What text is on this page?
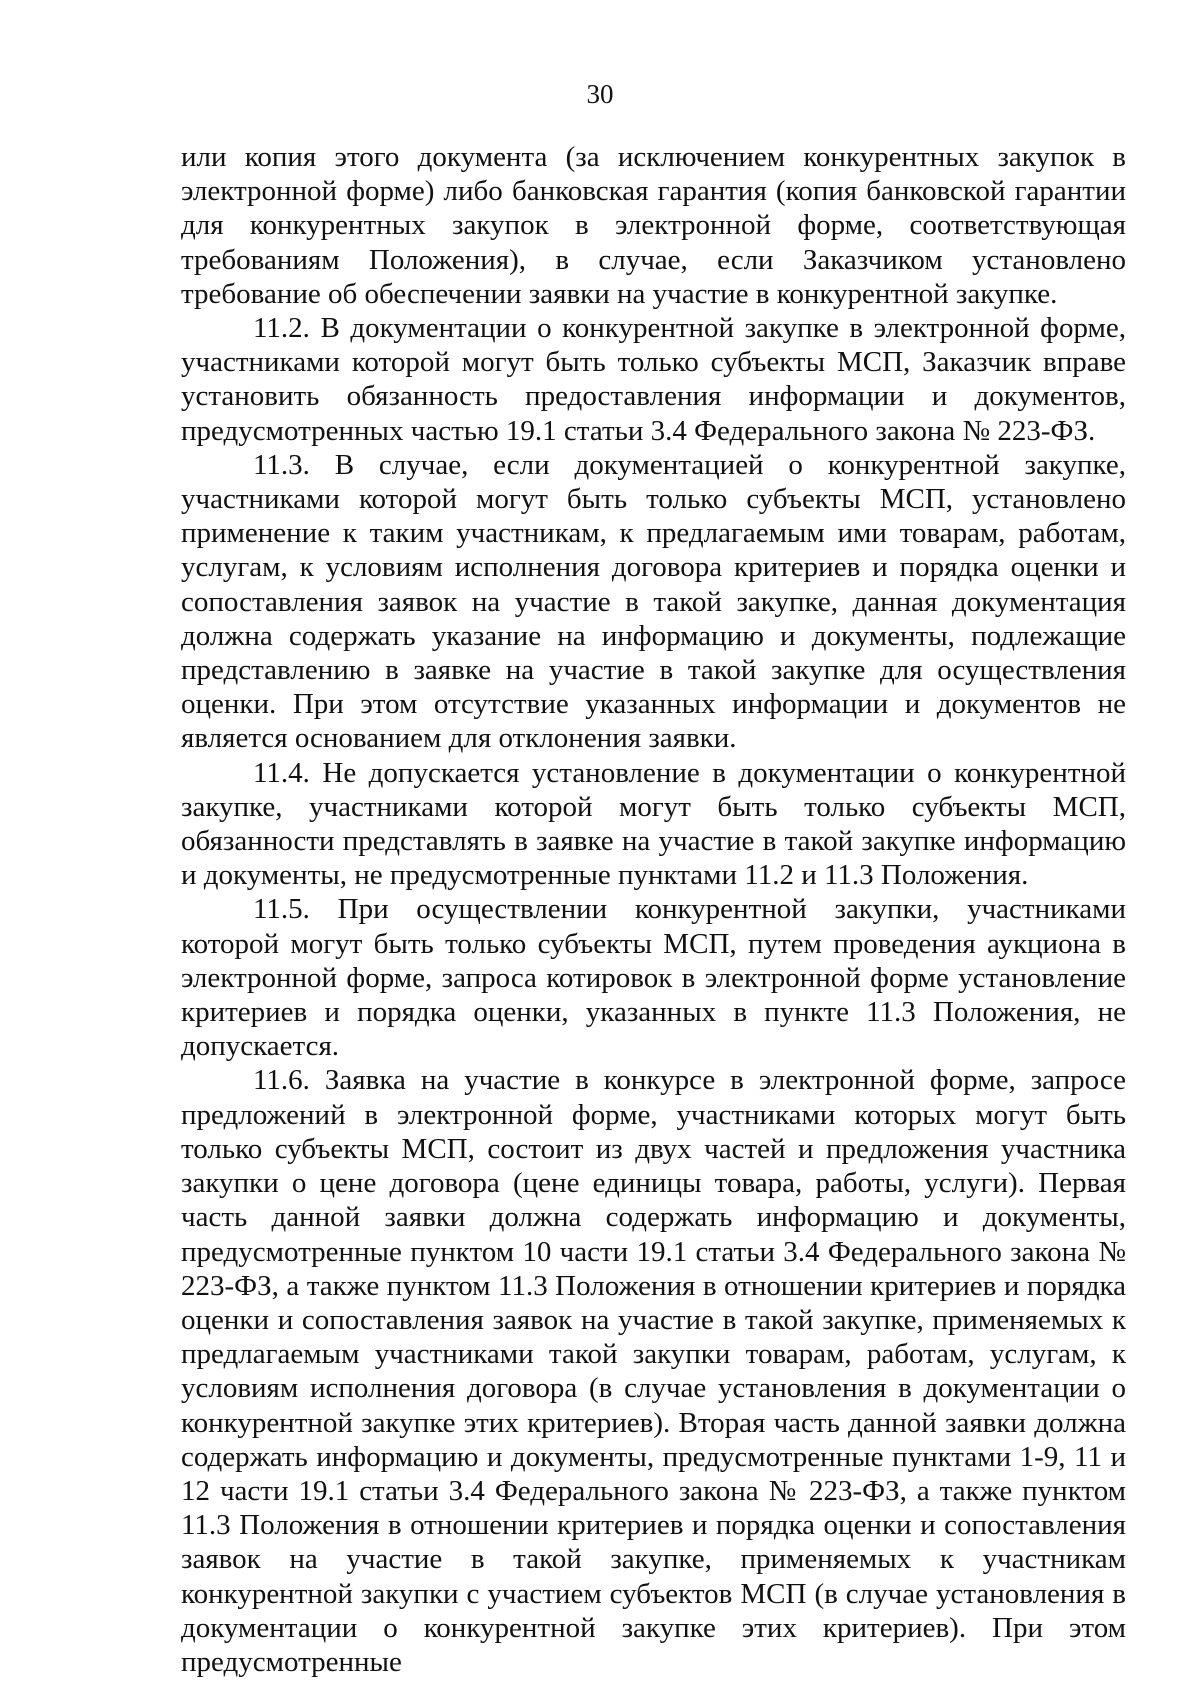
30

или копия этого документа (за исключением конкурентных закупок в электронной форме) либо банковская гарантия (копия банковской гарантии для конкурентных закупок в электронной форме, соответствующая требованиям Положения), в случае, если Заказчиком установлено требование об обеспечении заявки на участие в конкурентной закупке.

11.2. В документации о конкурентной закупке в электронной форме, участниками которой могут быть только субъекты МСП, Заказчик вправе установить обязанность предоставления информации и документов, предусмотренных частью 19.1 статьи 3.4 Федерального закона № 223-ФЗ.

11.3. В случае, если документацией о конкурентной закупке, участниками которой могут быть только субъекты МСП, установлено применение к таким участникам, к предлагаемым ими товарам, работам, услугам, к условиям исполнения договора критериев и порядка оценки и сопоставления заявок на участие в такой закупке, данная документация должна содержать указание на информацию и документы, подлежащие представлению в заявке на участие в такой закупке для осуществления оценки. При этом отсутствие указанных информации и документов не является основанием для отклонения заявки.

11.4. Не допускается установление в документации о конкурентной закупке, участниками которой могут быть только субъекты МСП, обязанности представлять в заявке на участие в такой закупке информацию и документы, не предусмотренные пунктами 11.2 и 11.3 Положения.

11.5. При осуществлении конкурентной закупки, участниками которой могут быть только субъекты МСП, путем проведения аукциона в электронной форме, запроса котировок в электронной форме установление критериев и порядка оценки, указанных в пункте 11.3 Положения, не допускается.

11.6. Заявка на участие в конкурсе в электронной форме, запросе предложений в электронной форме, участниками которых могут быть только субъекты МСП, состоит из двух частей и предложения участника закупки о цене договора (цене единицы товара, работы, услуги). Первая часть данной заявки должна содержать информацию и документы, предусмотренные пунктом 10 части 19.1 статьи 3.4 Федерального закона № 223-ФЗ, а также пунктом 11.3 Положения в отношении критериев и порядка оценки и сопоставления заявок на участие в такой закупке, применяемых к предлагаемым участниками такой закупки товарам, работам, услугам, к условиям исполнения договора (в случае установления в документации о конкурентной закупке этих критериев). Вторая часть данной заявки должна содержать информацию и документы, предусмотренные пунктами 1-9, 11 и 12 части 19.1 статьи 3.4 Федерального закона № 223-ФЗ, а также пунктом 11.3 Положения в отношении критериев и порядка оценки и сопоставления заявок на участие в такой закупке, применяемых к участникам конкурентной закупки с участием субъектов МСП (в случае установления в документации о конкурентной закупке этих критериев). При этом предусмотренные
